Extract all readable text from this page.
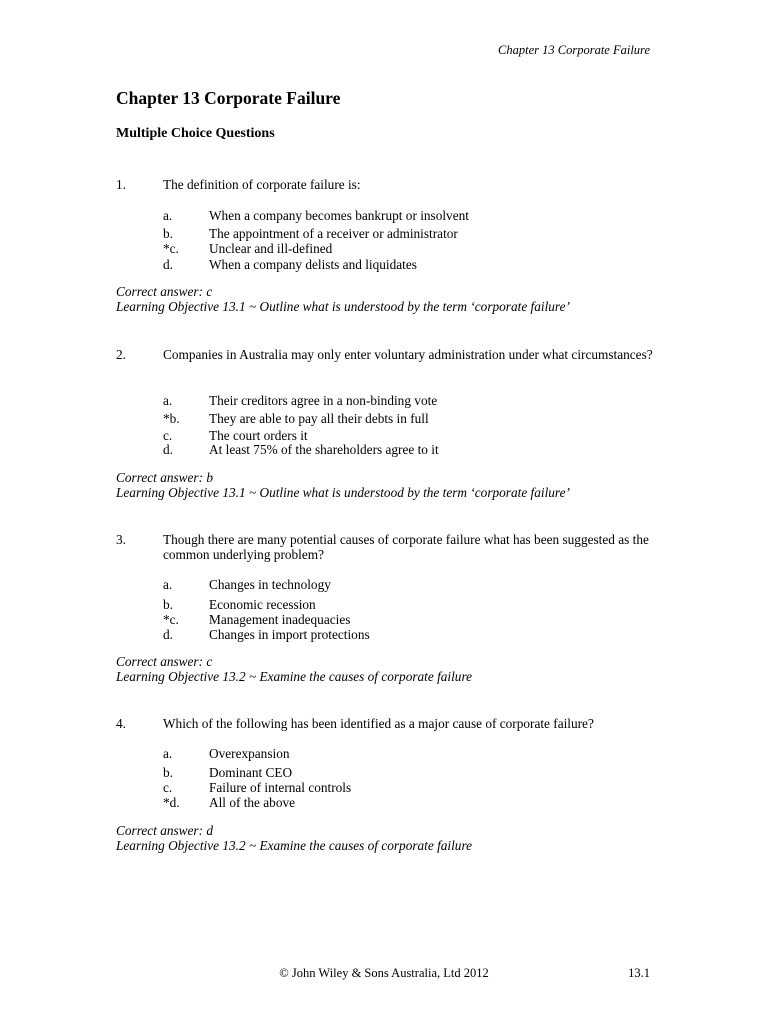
Chapter 13 Corporate Failure
Chapter 13 Corporate Failure
Multiple Choice Questions
1.	The definition of corporate failure is:
a.	When a company becomes bankrupt or insolvent
b.	The appointment of a receiver or administrator
*c. Unclear and ill-defined
d.	When a company delists and liquidates
Correct answer: c
Learning Objective 13.1 ~ Outline what is understood by the term ‘corporate failure’
2.	Companies in Australia may only enter voluntary administration under what circumstances?
a.	Their creditors agree in a non-binding vote
*b. They are able to pay all their debts in full
c.	The court orders it
d.	At least 75% of the shareholders agree to it
Correct answer: b
Learning Objective 13.1 ~ Outline what is understood by the term ‘corporate failure’
3.	Though there are many potential causes of corporate failure what has been suggested as the common underlying problem?
a.	Changes in technology
b.	Economic recession
*c. Management inadequacies
d.	Changes in import protections
Correct answer: c
Learning Objective 13.2 ~ Examine the causes of corporate failure
4.	Which of the following has been identified as a major cause of corporate failure?
a.	Overexpansion
b.	Dominant CEO
c.	Failure of internal controls
*d. All of the above
Correct answer: d
Learning Objective 13.2 ~ Examine the causes of corporate failure
© John Wiley & Sons Australia, Ltd 2012	13.1
